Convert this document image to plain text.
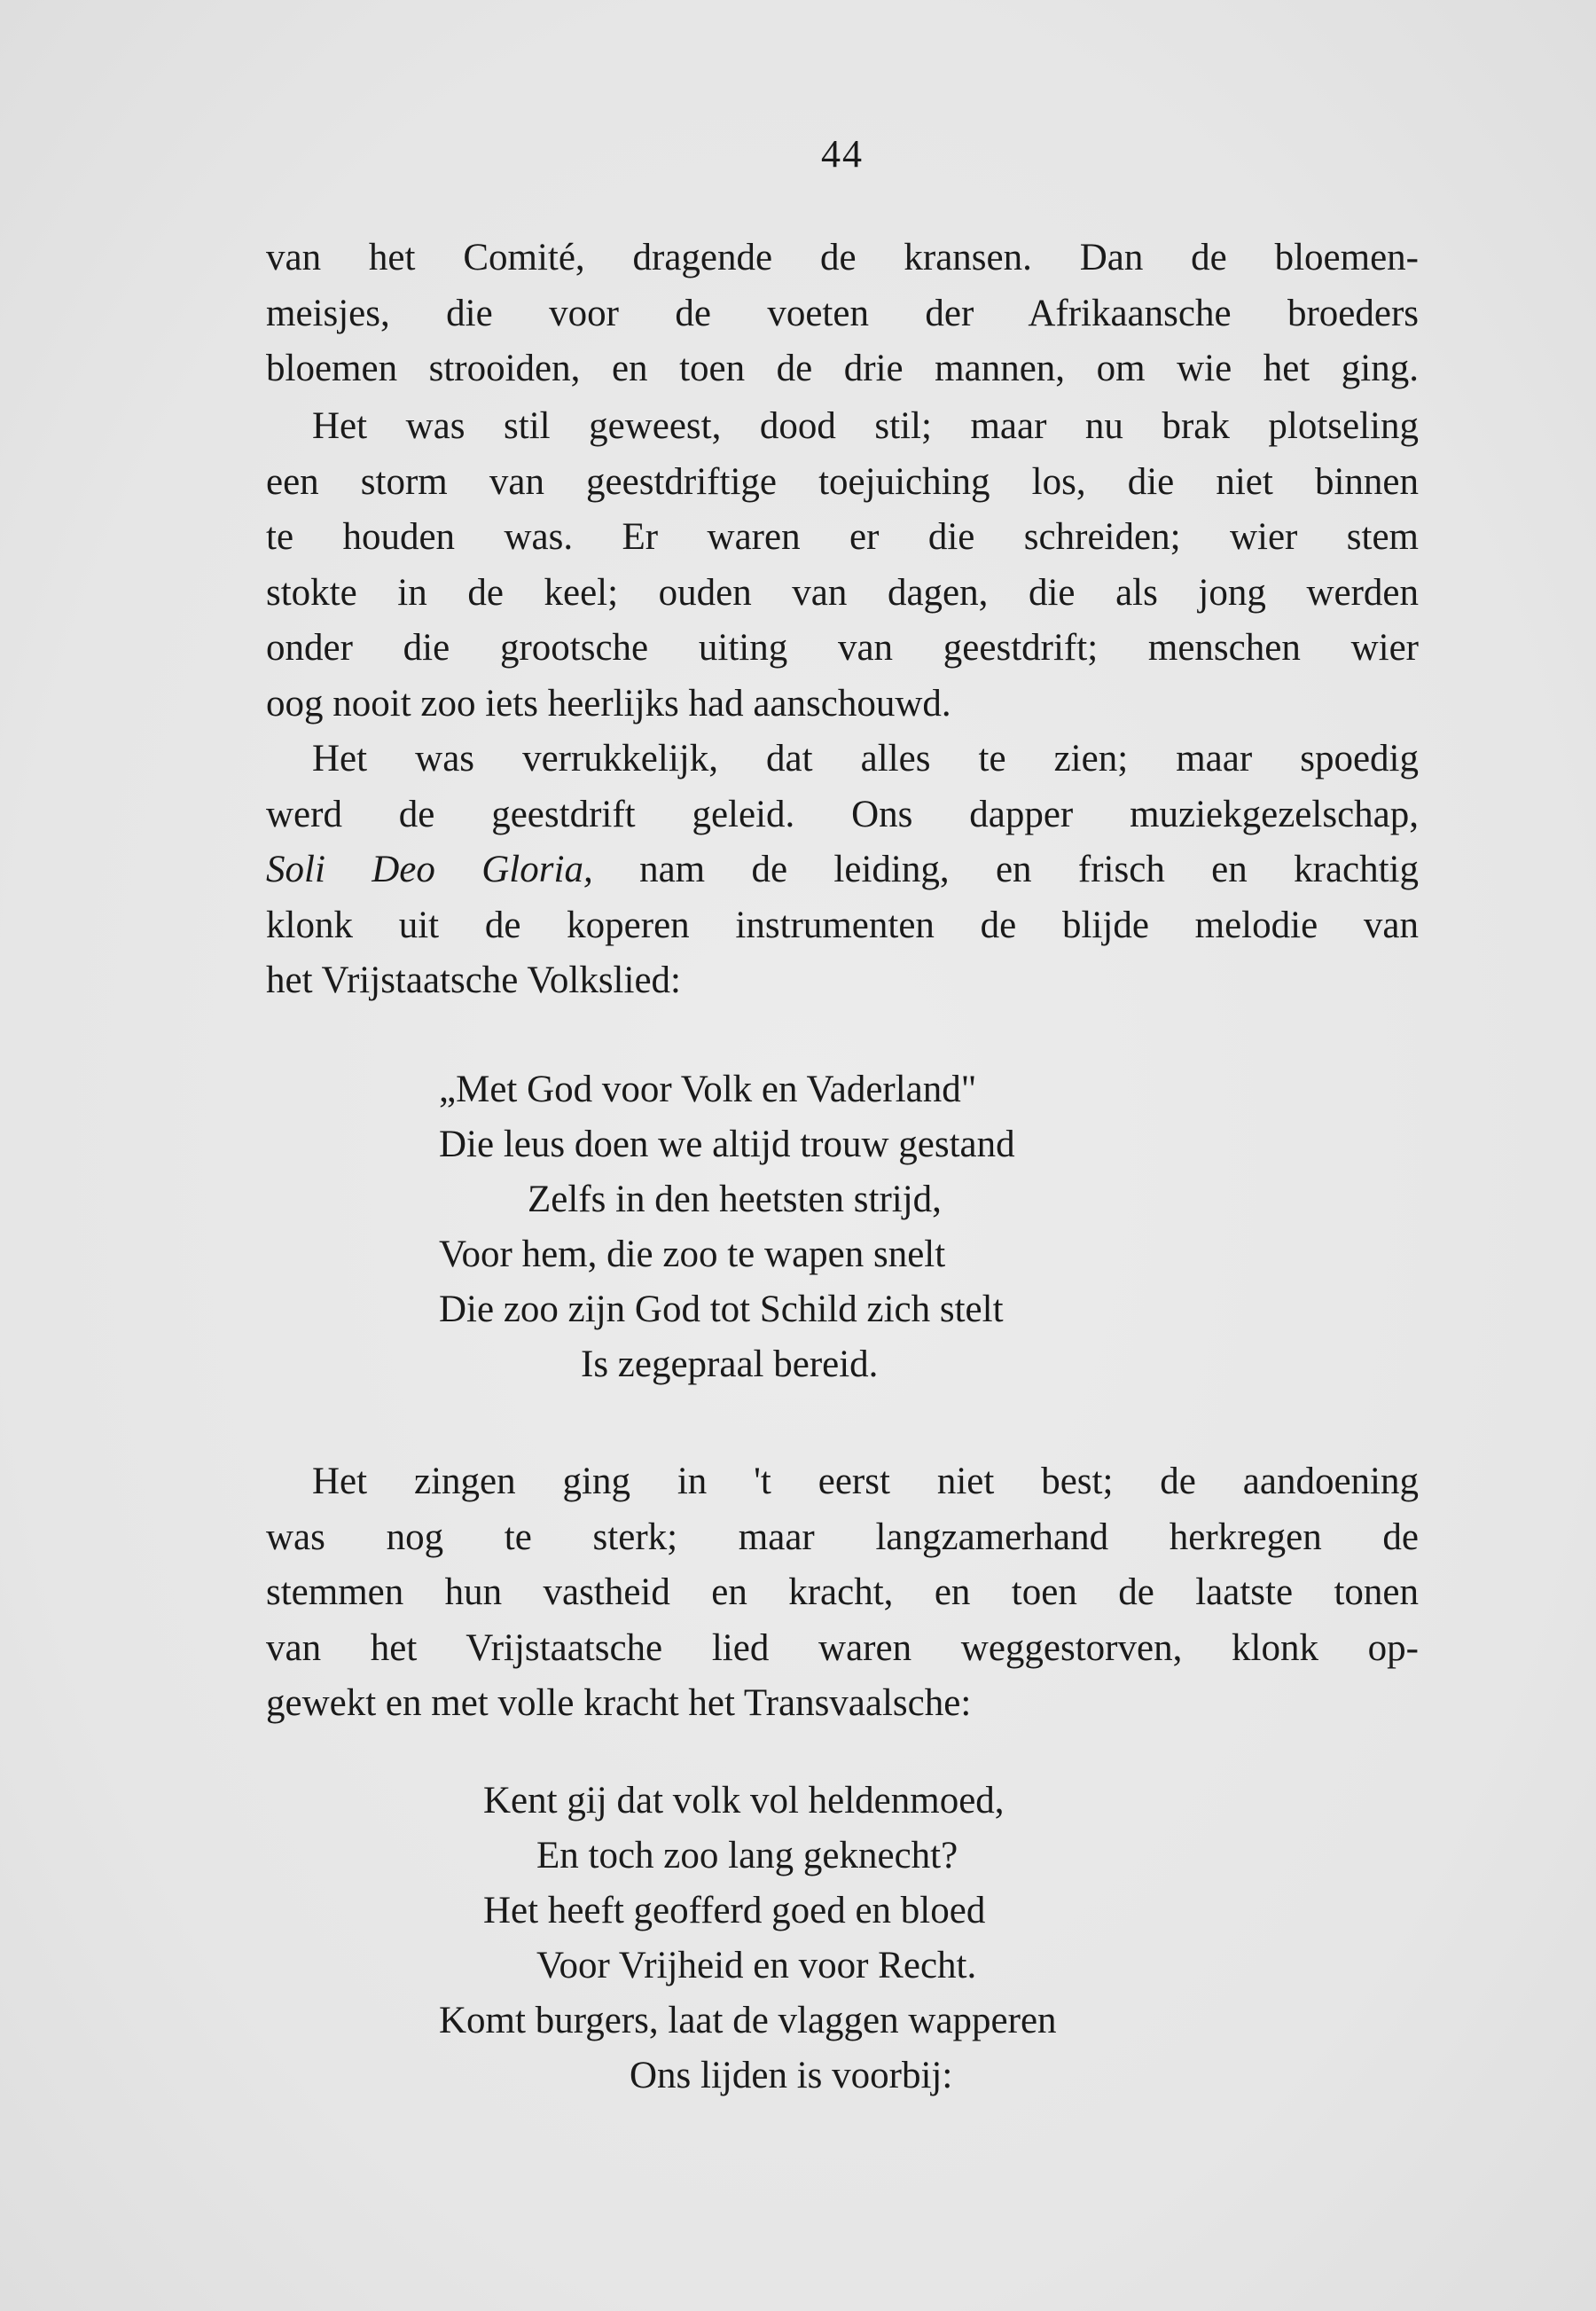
44
van het Comité, dragende de kransen. Dan de bloemen-
meisjes, die voor de voeten der Afrikaansche broeders
bloemen strooiden, en toen de drie mannen, om wie het ging.
Het was stil geweest, dood stil; maar nu brak plotseling
een storm van geestdriftige toejuiching los, die niet binnen
te houden was. Er waren er die schreiden; wier stem
stokte in de keel; ouden van dagen, die als jong werden
onder die grootsche uiting van geestdrift; menschen wier
oog nooit zoo iets heerlijks had aanschouwd.
Het was verrukkelijk, dat alles te zien; maar spoedig
werd de geestdrift geleid. Ons dapper muziekgezelschap,
Soli Deo Gloria, nam de leiding, en frisch en krachtig
klonk uit de koperen instrumenten de blijde melodie van
het Vrijstaatsche Volkslied:
„Met God voor Volk en Vaderland"
Die leus doen we altijd trouw gestand
Zelfs in den heetsten strijd,
Voor hem, die zoo te wapen snelt
Die zoo zijn God tot Schild zich stelt
Is zegepraal bereid.
Het zingen ging in 't eerst niet best; de aandoening
was nog te sterk; maar langzamerhand herkregen de
stemmen hun vastheid en kracht, en toen de laatste tonen
van het Vrijstaatsche lied waren weggestorven, klonk op-
gewekt en met volle kracht het Transvaalsche:
Kent gij dat volk vol heldenmoed,
En toch zoo lang geknecht?
Het heeft geofferd goed en bloed
Voor Vrijheid en voor Recht.
Komt burgers, laat de vlaggen wapperen
Ons lijden is voorbij:
